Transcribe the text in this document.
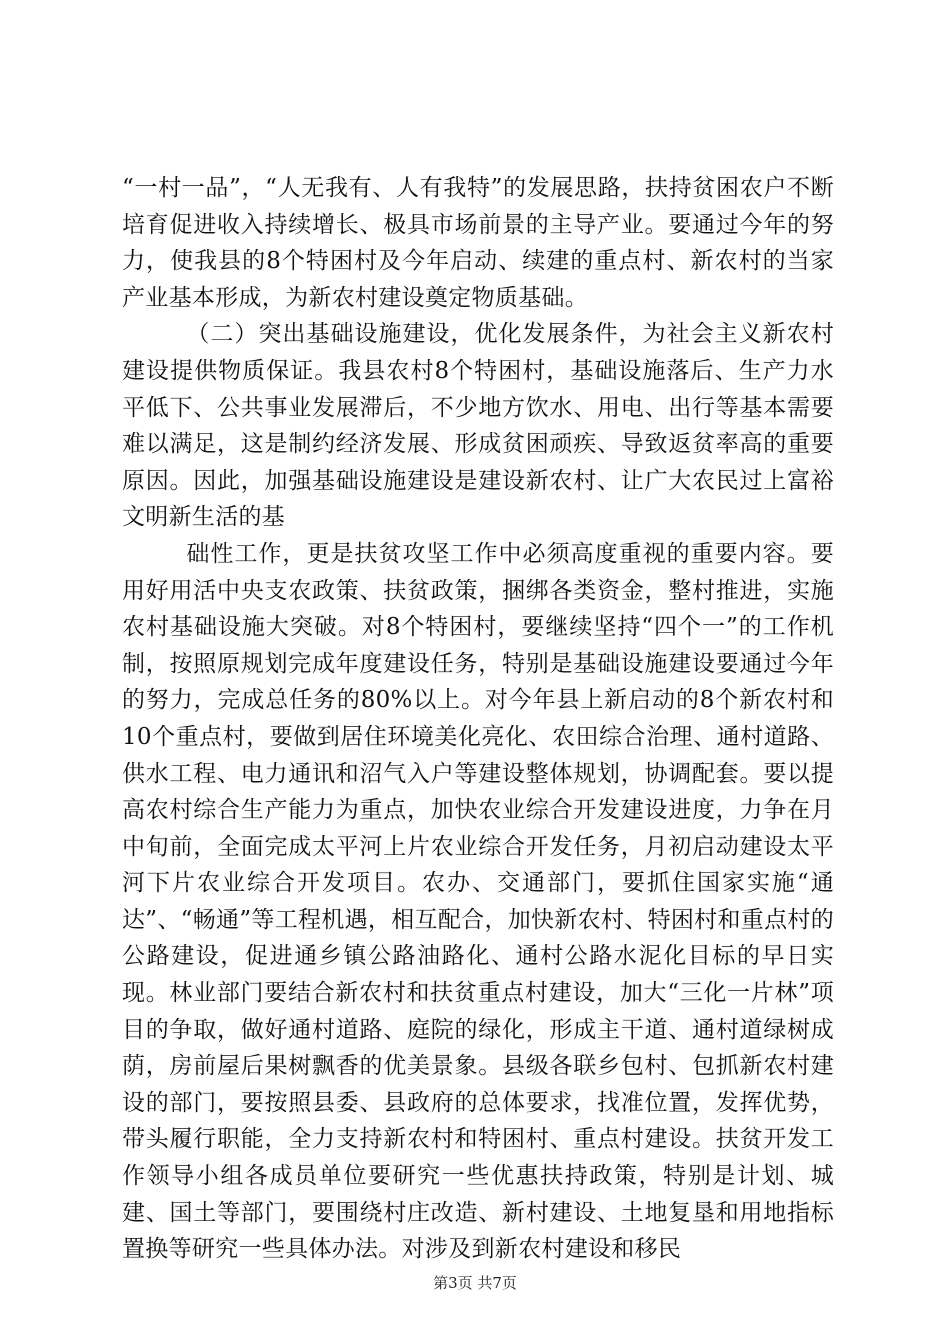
“一村一品”，“人无我有、人有我特”的发展思路，扶持贫困农户不断培育促进收入持续增长、极具市场前景的主导产业。要通过今年的努力，使我县的8个特困村及今年启动、续建的重点村、新农村的当家产业基本形成，为新农村建设奠定物质基础。

（二）突出基础设施建设，优化发展条件，为社会主义新农村建设提供物质保证。我县农村8个特困村，基础设施落后、生产力水平低下、公共事业发展滞后，不少地方饮水、用电、出行等基本需要难以满足，这是制约经济发展、形成贫困顽疾、导致返贫率高的重要原因。因此，加强基础设施建设是建设新农村、让广大农民过上富裕文明新生活的基

础性工作，更是扶贫攻坚工作中必须高度重视的重要内容。要用好用活中央支农政策、扶贫政策，捆绑各类资金，整村推进，实施农村基础设施大突破。对8个特困村，要继续坚持“四个一”的工作机制，按照原规划完成年度建设任务，特别是基础设施建设要通过今年的努力，完成总任务的80%以上。对今年县上新启动的8个新农村和10个重点村，要做到居住环境美化亮化、农田综合治理、通村道路、供水工程、电力通讯和沼气入户等建设整体规划，协调配套。要以提高农村综合生产能力为重点，加快农业综合开发建设进度，力争在月中旬前，全面完成太平河上片农业综合开发任务，月初启动建设太平河下片农业综合开发项目。农办、交通部门，要抓住国家实施“通达”、“畅通”等工程机遇，相互配合，加快新农村、特困村和重点村的公路建设，促进通乡镇公路油路化、通村公路水泥化目标的早日实现。林业部门要结合新农村和扶贫重点村建设，加大“三化一片林”项目的争取，做好通村道路、庭院的绿化，形成主干道、通村道绿树成荫，房前屋后果树飘香的优美景象。县级各联乡包村、包抓新农村建设的部门，要按照县委、县政府的总体要求，找准位置，发挥优势，带头履行职能，全力支持新农村和特困村、重点村建设。扶贫开发工作领导小组各成员单位要研究一些优惠扶持政策，特别是计划、城建、国土等部门，要围绕村庄改造、新村建设、土地复垦和用地指标置换等研究一些具体办法。对涉及到新农村建设和移民

第3页 共7页
